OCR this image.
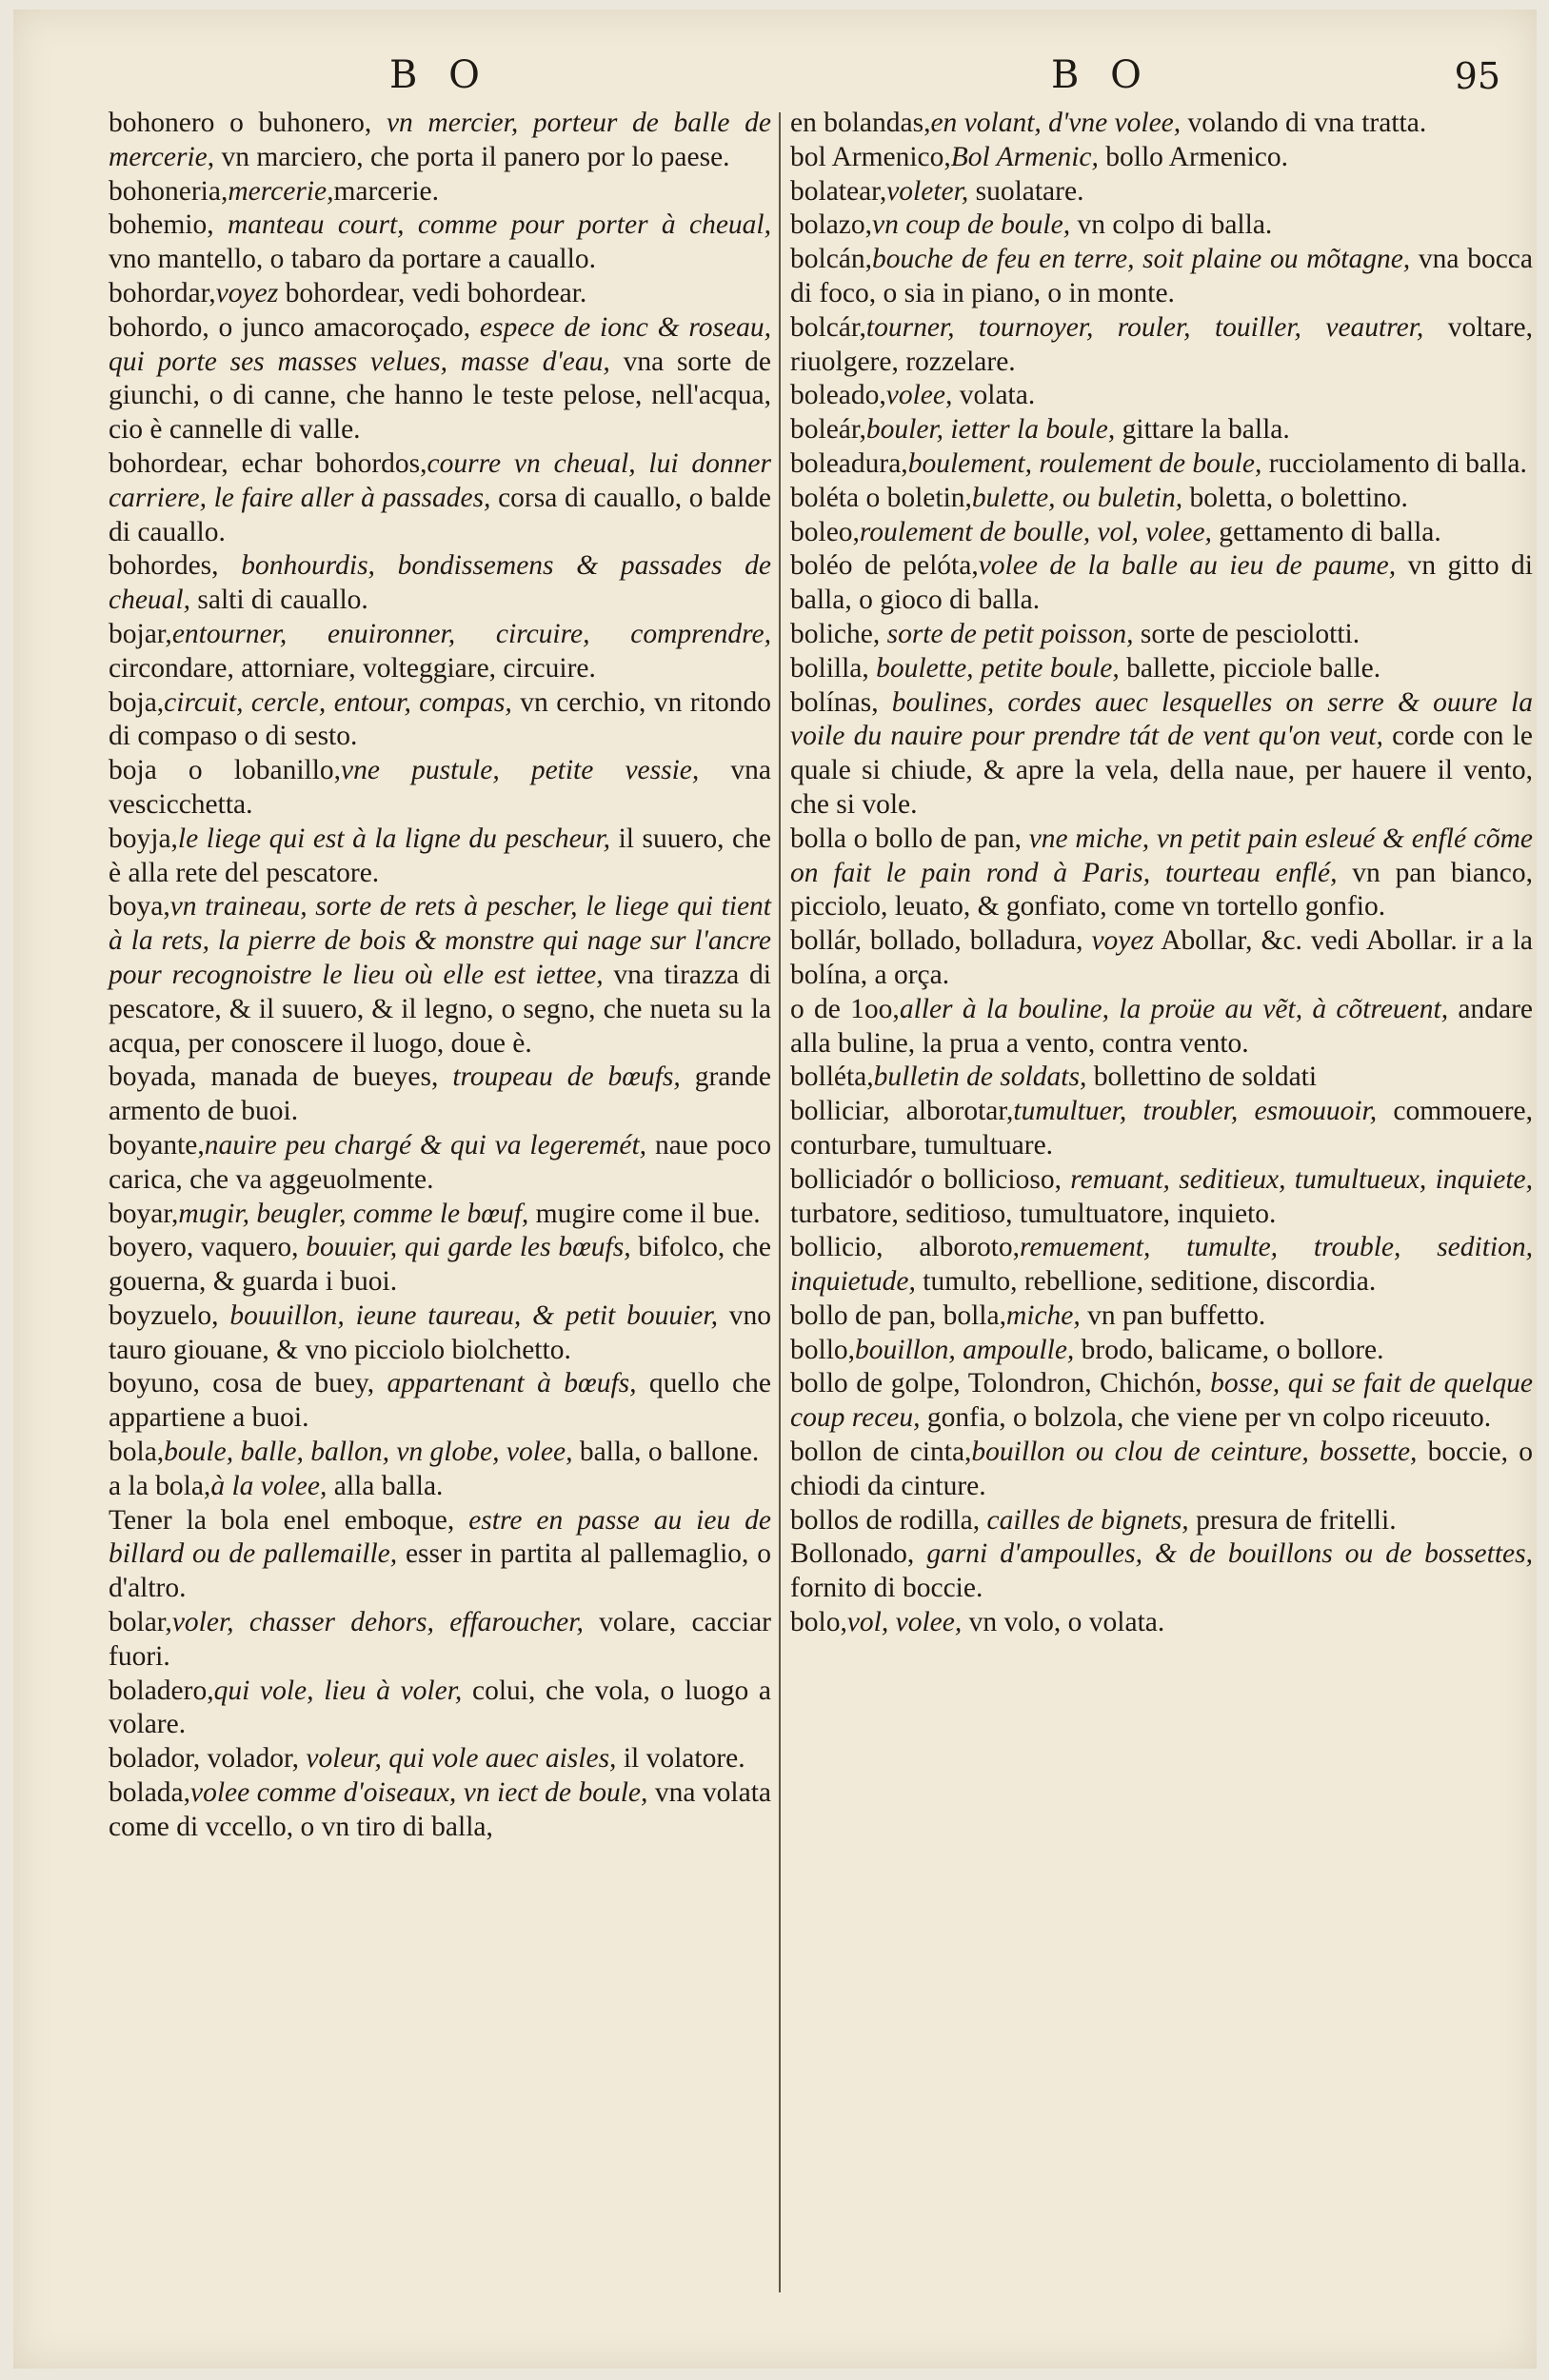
B O	B O	95

bohonero o buhonero, vn mercier, porteur de balle de mercerie, vn marciero, che porta il panero por lo paese.

bohoneria,mercerie,marcerie.

bohemio, manteau court, comme pour porter à cheual, vno mantello, o tabaro da portare a cauallo.

bohordar,voyez bohordear, vedi bohordear.

bohordo, o junco amacoroçado, espece de ionc & roseau, qui porte ses masses velues, masse d'eau, vna sorte de giunchi, o di canne, che hanno le teste pelose, nell'acqua, cio è cannelle di valle.

bohordear, echar bohordos,courre vn cheual, lui donner carriere, le faire aller à passades, corsa di cauallo, o balde di cauallo.

bohordes, bonhourdis, bondissemens & passades de cheual, salti di cauallo.

bojar,entourner, enuironner, circuire, comprendre, circondare, attorniare, volteggiare, circuire.

boja,circuit, cercle, entour, compas, vn cerchio, vn ritondo di compaso o di sesto.

boja o lobanillo,vne pustule, petite vessie, vna vescicchetta.

boyja,le liege qui est à la ligne du pescheur, il suuero, che è alla rete del pescatore.

boya,vn traineau, sorte de rets à pescher, le liege qui tient à la rets, la pierre de bois & monstre qui nage sur l'ancre pour recognoistre le lieu où elle est iettee, vna tirazza di pescatore, & il suuero, & il legno, o segno, che nueta su la acqua, per conoscere il luogo, doue è.

boyada, manada de bueyes, troupeau de bœufs, grande armento de buoi.

boyante,nauire peu chargé & qui va legeremét, naue poco carica, che va aggeuolmente.

boyar,mugir, beugler, comme le bœuf, mugire come il bue.

boyero, vaquero, bouuier, qui garde les bœufs, bifolco, che gouerna, & guarda i buoi.

boyzuelo, bouuillon, ieune taureau, & petit bouuier, vno tauro giouane, & vno picciolo biolchetto.

boyuno, cosa de buey, appartenant à bœufs, quello che appartiene a buoi.

bola,boule, balle, ballon, vn globe, volee, balla, o ballone.

a la bola,à la volee, alla balla.

Tener la bola enel emboque, estre en passe au ieu de billard ou de pallemaille, esser in partita al pallemaglio, o d'altro.

bolar,voler, chasser dehors, effaroucher, volare, cacciar fuori.

boladero,qui vole, lieu à voler, colui, che vola, o luogo a volare.

bolador, volador, voleur, qui vole auec aisles, il volatore.

bolada,volee comme d'oiseaux, vn iect de boule, vna volata come di vccello, o vn tiro di balla,

en bolandas,en volant, d'vne volee, volando di vna tratta.

bol Armenico,Bol Armenic, bollo Armenico.

bolatear,voleter, suolatare.

bolazo,vn coup de boule, vn colpo di balla.

bolcán,bouche de feu en terre, soit plaine ou mõtagne, vna bocca di foco, o sia in piano, o in monte.

bolcár,tourner, tournoyer, rouler, touiller, veautrer, voltare, riuolgere, rozzelare.

boleado,volee, volata.

boleár,bouler, ietter la boule, gittare la balla.

boleadura,boulement, roulement de boule, rucciolamento di balla.

boléta o boletin,bulette, ou buletin, boletta, o bolettino.

boleo,roulement de boulle, vol, volee, gettamento di balla.

boléo de pelóta,volee de la balle au ieu de paume, vn gitto di balla, o gioco di balla.

boliche, sorte de petit poisson, sorte de pesciolotti.

bolilla, boulette, petite boule, ballette, picciole balle.

bolínas, boulines, cordes auec lesquelles on serre & ouure la voile du nauire pour prendre tát de vent qu'on veut, corde con le quale si chiude, & apre la vela, della naue, per hauere il vento, che si vole.

bolla o bollo de pan, vne miche, vn petit pain esleué & enflé cõme on fait le pain rond à Paris, tourteau enflé, vn pan bianco, picciolo, leuato, & gonfiato, come vn tortello gonfio.

bollár, bollado, bolladura, voyez Abollar, &c. vedi Abollar. ir a la bolína, a orça.

o de 1oo,aller à la bouline, la proüe au vẽt, à cõtreuent, andare alla buline, la prua a vento, contra vento.

bolléta,bulletin de soldats, bollettino de soldati

bolliciar, alborotar,tumultuer, troubler, esmouuoir, commouere, conturbare, tumultuare.

bolliciadór o bollicioso, remuant, seditieux, tumultueux, inquiete, turbatore, seditioso, tumultuatore, inquieto.

bollicio, alboroto,remuement, tumulte, trouble, sedition, inquietude, tumulto, rebellione, seditione, discordia.

bollo de pan, bolla,miche, vn pan buffetto.

bollo,bouillon, ampoulle, brodo, balicame, o bollore.

bollo de golpe, Tolondron, Chichón, bosse, qui se fait de quelque coup receu, gonfia, o bolzola, che viene per vn colpo riceuuto.

bollon de cinta,bouillon ou clou de ceinture, bossette, boccie, o chiodi da cinture.

bollos de rodilla, cailles de bignets, presura de fritelli.

Bollonado, garni d'ampoulles, & de bouillons ou de bossettes, fornito di boccie.

bolo,vol, volee, vn volo, o volata.
